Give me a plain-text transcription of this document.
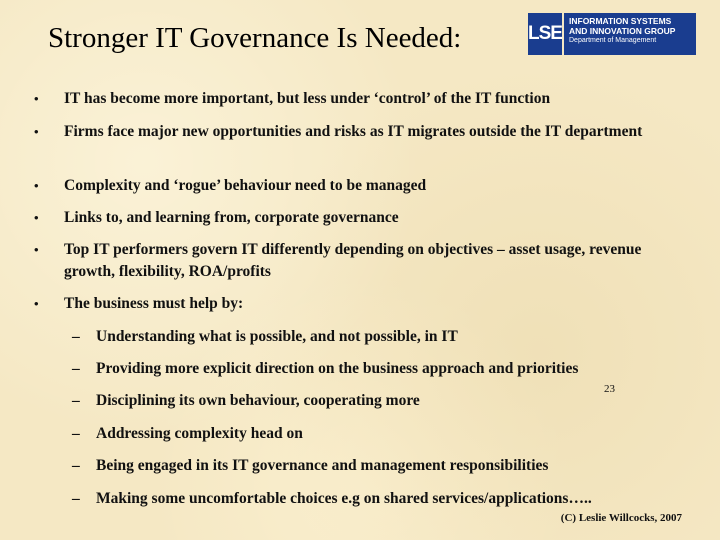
Stronger IT Governance Is Needed:	LSE
INFORMATION SYSTEMS
AND INNOVATION GROUP
Department of Management
• IT has become more important, but less under ‘control’ of the IT function
• Firms face major new opportunities and risks as IT migrates outside the IT department
• Complexity and ‘rogue’ behaviour need to be managed
• Links to, and learning from, corporate governance
• Top IT performers govern IT differently depending on objectives – asset usage, revenue growth, flexibility, ROA/profits
• The business must help by:
– Understanding what is possible, and not possible, in IT
– Providing more explicit direction on the business approach and priorities
– Disciplining its own behaviour, cooperating more
– Addressing complexity head on
– Being engaged in its IT governance and management responsibilities
– Making some uncomfortable choices e.g on shared services/applications…..
23
(C) Leslie Willcocks, 2007
